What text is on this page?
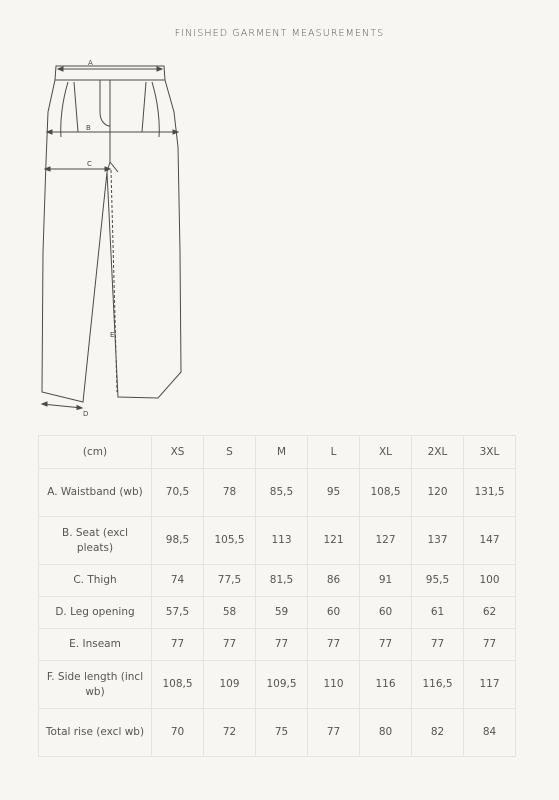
FINISHED GARMENT MEASUREMENTS
A
B
C
E
D
(cm)	XS	S	M	L	XL	2XL	3XL
A. Waistband (wb)	70,5	78	85,5	95	108,5	120	131,5
B. Seat (excl pleats)	98,5	105,5	113	121	127	137	147
C. Thigh	74	77,5	81,5	86	91	95,5	100
D. Leg opening	57,5	58	59	60	60	61	62
E. Inseam	77	77	77	77	77	77	77
F. Side length (incl wb)	108,5	109	109,5	110	116	116,5	117
Total rise (excl wb)	70	72	75	77	80	82	84
